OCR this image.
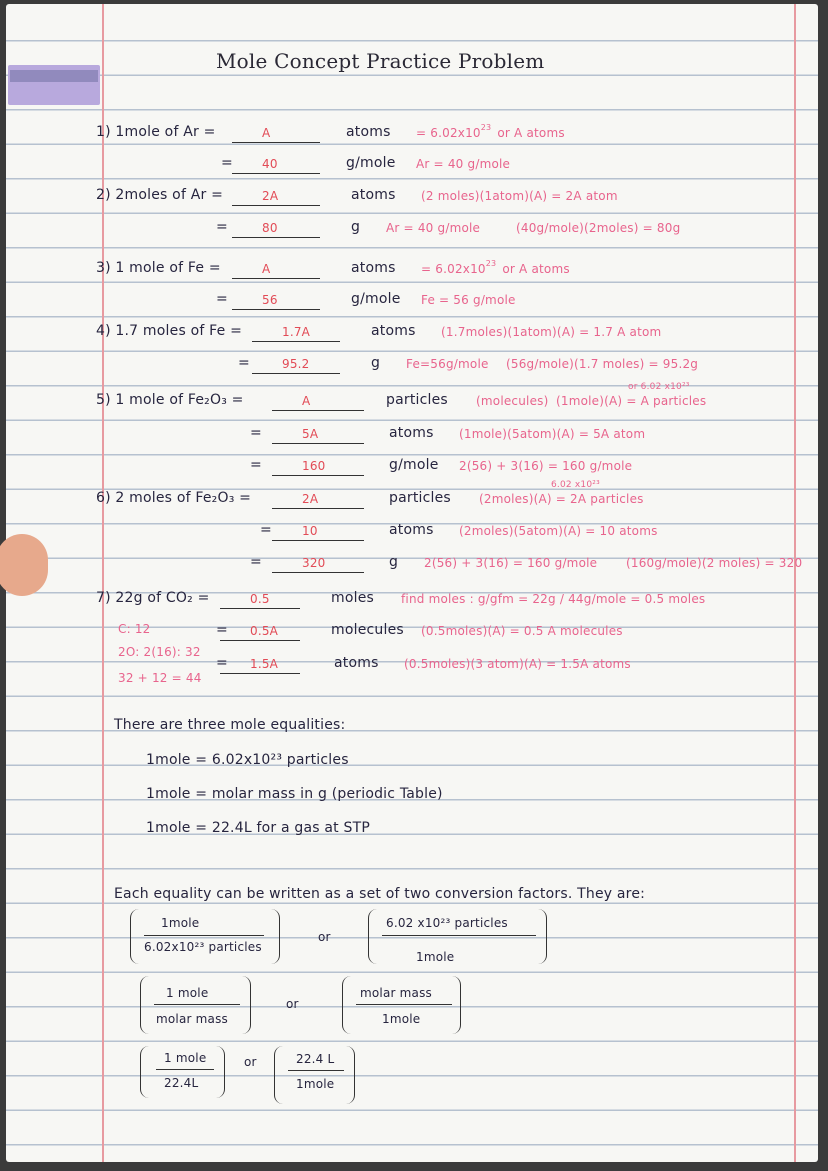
Mole Concept Practice Problem
1) 1mole of Ar =	A	atoms = $6.02x10^{23}$ or A atoms
= 40	g/mole Ar = 40 g/mole
2) 2moles of Ar =	2A	atoms (2 moles)(1atom)(A) = 2A atom
=	80	g Ar = 40 g/mole	(40g/mole)(2moles) = 80g
3) 1 mole of Fe =	A	atoms = $6.02x10^{23}$ or A atoms
=	56	g/mole Fe = 56 g/mole
4) 1.7 moles of Fe =	1.7A	atoms (1.7moles)(1atom)(A) = 1.7 A atom
=	95.2	g Fe=56g/mole (56g/mole)(1.7 moles) = 95.2g
5) 1 mole of Fe₂O₃ =	A	particles (molecules) (1mole)(A) = A particles
or 6.02 x10²³
=	5A	atoms (1mole)(5atom)(A) = 5A atom
=	160	g/mole 2(56) + 3(16) = 160 g/mole
6) 2 moles of Fe₂O₃ =	2A	particles (2moles)(A) = 2A particles
6.02 x10²³
=	10	atoms (2moles)(5atom)(A) = 10 atoms
=	320	g 2(56) + 3(16) = 160 g/mole (160g/mole)(2 moles) = 320
7) 22g of CO₂ =	0.5	moles find moles : g/gfm = 22g / 44g/mole = 0.5 moles
= 0.5A	molecules (0.5moles)(A) = 0.5 A molecules
= 1.5A	atoms (0.5moles)(3 atom)(A) = 1.5A atoms
C: 12
2O: 2(16): 32
32 + 12 = 44
There are three mole equalities:
1mole = 6.02x10²³ particles
1mole = molar mass in g (periodic Table)
1mole = 22.4L for a gas at STP
Each equality can be written as a set of two conversion factors. They are:
1mole
6.02x10²³ particles
or
6.02 x10²³ particles
1mole
1 mole
molar mass
or
molar mass
1mole
1 mole
22.4L
or	22.4 L
1mole
